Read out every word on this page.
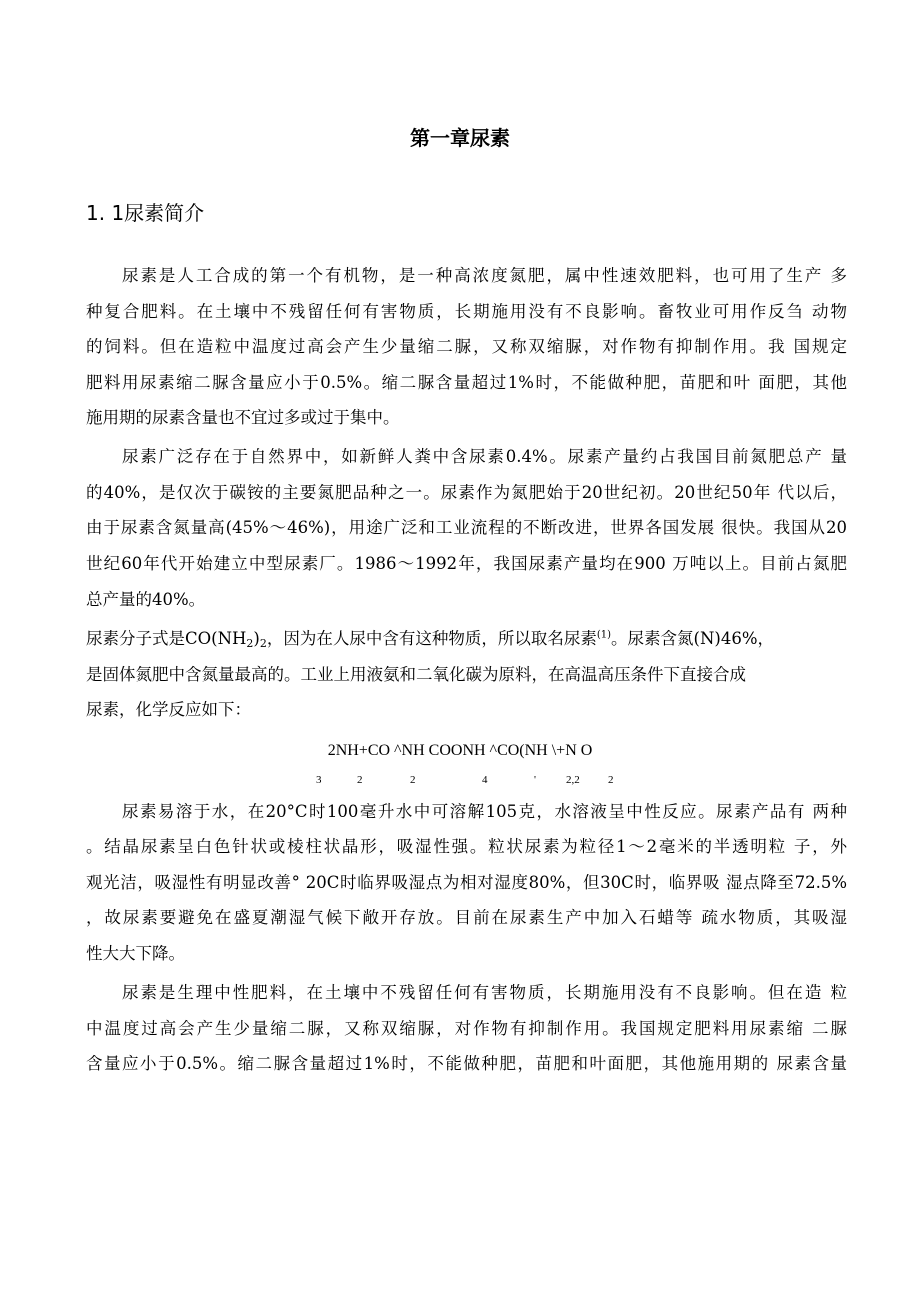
第一章尿素
1. 1尿素简介
尿素是人工合成的第一个有机物，是一种高浓度氮肥，属中性速效肥料，也可用了生产 多
种复合肥料。在土壤中不残留任何有害物质，长期施用没有不良影响。畜牧业可用作反刍 动物
的饲料。但在造粒中温度过高会产生少量缩二脲，又称双缩脲，对作物有抑制作用。我 国规定
肥料用尿素缩二脲含量应小于0.5%。缩二脲含量超过1%时，不能做种肥，苗肥和叶 面肥，其他
施用期的尿素含量也不宜过多或过于集中。
尿素广泛存在于自然界中，如新鲜人粪中含尿素0.4%。尿素产量约占我国目前氮肥总产 量
的40%，是仅次于碳铵的主要氮肥品种之一。尿素作为氮肥始于20世纪初。20世纪50年 代以后，
由于尿素含氮量高(45%～46%)，用途广泛和工业流程的不断改进，世界各国发展 很快。我国从20
世纪60年代开始建立中型尿素厂。1986～1992年，我国尿素产量均在900 万吨以上。目前占氮肥
总产量的40%。
尿素分子式是$CO(NH_2)_2$，因为在人尿中含有这种物质，所以取名尿素$^{(1)}$。尿素含氮(N)46%，
是固体氮肥中含氮量最高的。工业上用液氨和二氧化碳为原料，在高温高压条件下直接合成
尿素，化学反应如下：
2NH+CO ^NH COONH ^CO(NH \+N O
3	2	2	4	'	2,2	2
尿素易溶于水，在20°C时100毫升水中可溶解105克，水溶液呈中性反应。尿素产品有 两种
。结晶尿素呈白色针状或棱柱状晶形，吸湿性强。粒状尿素为粒径1～2毫米的半透明粒 子，外
观光洁，吸湿性有明显改善° 20C时临界吸湿点为相对湿度80%，但30C时，临界吸 湿点降至72.5%
，故尿素要避免在盛夏潮湿气候下敞开存放。目前在尿素生产中加入石蜡等 疏水物质，其吸湿
性大大下降。
尿素是生理中性肥料，在土壤中不残留任何有害物质，长期施用没有不良影响。但在造 粒
中温度过高会产生少量缩二脲，又称双缩脲，对作物有抑制作用。我国规定肥料用尿素缩 二脲
含量应小于0.5%。缩二脲含量超过1%时，不能做种肥，苗肥和叶面肥，其他施用期的 尿素含量
